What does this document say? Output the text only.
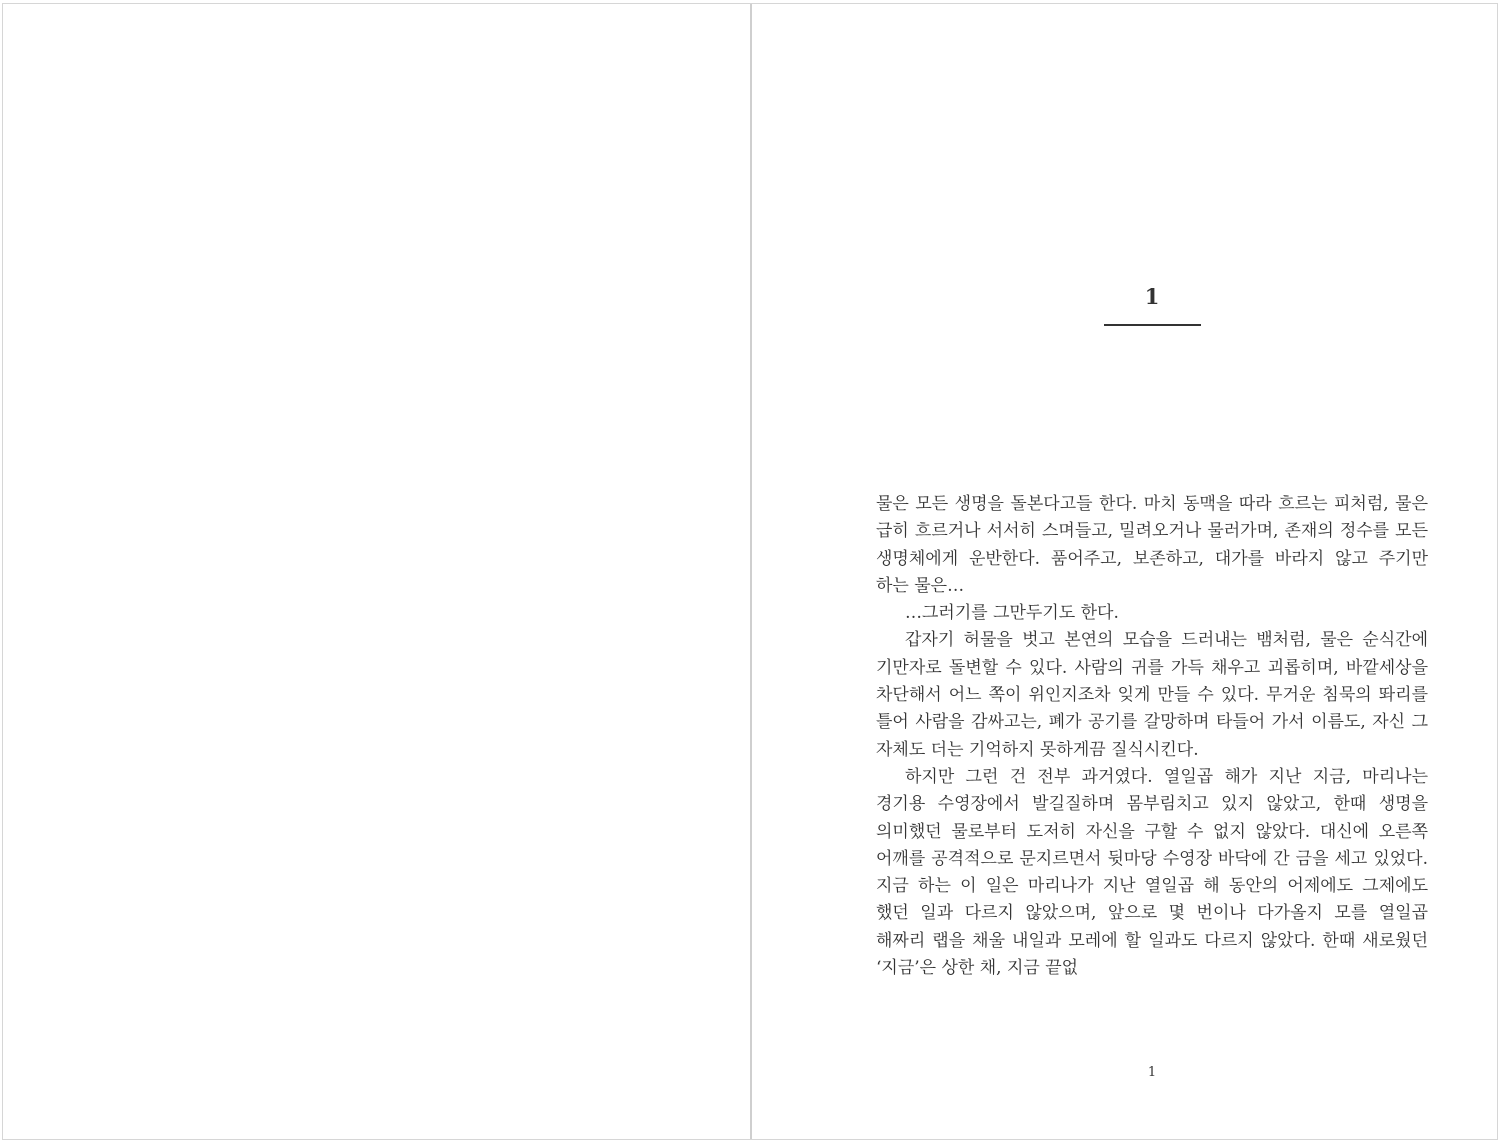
1

물은 모든 생명을 돌본다고들 한다. 마치 동맥을 따라 흐르는 피처럼, 물은 급히 흐르거나 서서히 스며들고, 밀려오거나 물러가며, 존재의 정수를 모든 생명체에게 운반한다. 품어주고, 보존하고, 대가를 바라지 않고 주기만 하는 물은…

…그러기를 그만두기도 한다.

갑자기 허물을 벗고 본연의 모습을 드러내는 뱀처럼, 물은 순식간에 기만자로 돌변할 수 있다. 사람의 귀를 가득 채우고 괴롭히며, 바깥세상을 차단해서 어느 쪽이 위인지조차 잊게 만들 수 있다. 무거운 침묵의 똬리를 틀어 사람을 감싸고는, 폐가 공기를 갈망하며 타들어 가서 이름도, 자신 그 자체도 더는 기억하지 못하게끔 질식시킨다.

하지만 그런 건 전부 과거였다. 열일곱 해가 지난 지금, 마리나는 경기용 수영장에서 발길질하며 몸부림치고 있지 않았고, 한때 생명을 의미했던 물로부터 도저히 자신을 구할 수 없지 않았다. 대신에 오른쪽 어깨를 공격적으로 문지르면서 뒷마당 수영장 바닥에 간 금을 세고 있었다. 지금 하는 이 일은 마리나가 지난 열일곱 해 동안의 어제에도 그제에도 했던 일과 다르지 않았으며, 앞으로 몇 번이나 다가올지 모를 열일곱 해짜리 랩을 채울 내일과 모레에 할 일과도 다르지 않았다. 한때 새로웠던 ‘지금’은 상한 채, 지금 끝없

1
